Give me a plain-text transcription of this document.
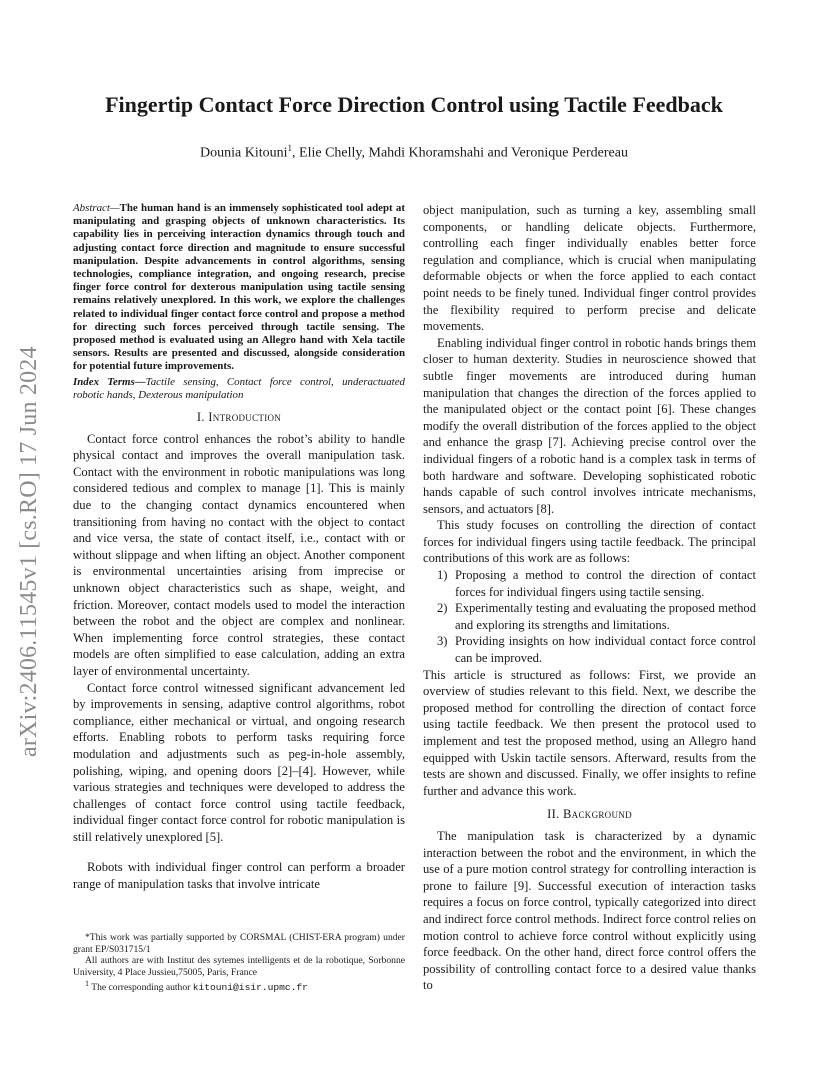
arXiv:2406.11545v1 [cs.RO] 17 Jun 2024
Fingertip Contact Force Direction Control using Tactile Feedback

Dounia Kitouni$^1$, Elie Chelly, Mahdi Khoramshahi and Veronique Perdereau

Abstract—The human hand is an immensely sophisticated tool adept at manipulating and grasping objects of unknown characteristics. Its capability lies in perceiving interaction dynamics through touch and adjusting contact force direction and magnitude to ensure successful manipulation. Despite advancements in control algorithms, sensing technologies, compliance integration, and ongoing research, precise finger force control for dexterous manipulation using tactile sensing remains relatively unexplored. In this work, we explore the challenges related to individual finger contact force control and propose a method for directing such forces perceived through tactile sensing. The proposed method is evaluated using an Allegro hand with Xela tactile sensors. Results are presented and discussed, alongside consideration for potential future improvements.

Index Terms—Tactile sensing, Contact force control, underactuated robotic hands, Dexterous manipulation

I. Introduction

Contact force control enhances the robot’s ability to handle physical contact and improves the overall manipulation task. Contact with the environment in robotic manipulations was long considered tedious and complex to manage [1]. This is mainly due to the changing contact dynamics encountered when transitioning from having no contact with the object to contact and vice versa, the state of contact itself, i.e., contact with or without slippage and when lifting an object. Another component is environmental uncertainties arising from imprecise or unknown object characteristics such as shape, weight, and friction. Moreover, contact models used to model the interaction between the robot and the object are complex and nonlinear. When implementing force control strategies, these contact models are often simplified to ease calculation, adding an extra layer of environmental uncertainty.

Contact force control witnessed significant advancement led by improvements in sensing, adaptive control algorithms, robot compliance, either mechanical or virtual, and ongoing research efforts. Enabling robots to perform tasks requiring force modulation and adjustments such as peg-in-hole assembly, polishing, wiping, and opening doors [2]–[4]. However, while various strategies and techniques were developed to address the challenges of contact force control using tactile feedback, individual finger contact force control for robotic manipulation is still relatively unexplored [5].

Robots with individual finger control can perform a broader range of manipulation tasks that involve intricate

*This work was partially supported by CORSMAL (CHIST-ERA program) under grant EP/S031715/1

All authors are with Institut des sytemes intelligents et de la robotique, Sorbonne University, 4 Place Jussieu,75005, Paris, France

$^1$ The corresponding author kitouni@isir.upmc.fr

object manipulation, such as turning a key, assembling small components, or handling delicate objects. Furthermore, controlling each finger individually enables better force regulation and compliance, which is crucial when manipulating deformable objects or when the force applied to each contact point needs to be finely tuned. Individual finger control provides the flexibility required to perform precise and delicate movements.

Enabling individual finger control in robotic hands brings them closer to human dexterity. Studies in neuroscience showed that subtle finger movements are introduced during human manipulation that changes the direction of the forces applied to the manipulated object or the contact point [6]. These changes modify the overall distribution of the forces applied to the object and enhance the grasp [7]. Achieving precise control over the individual fingers of a robotic hand is a complex task in terms of both hardware and software. Developing sophisticated robotic hands capable of such control involves intricate mechanisms, sensors, and actuators [8].

This study focuses on controlling the direction of contact forces for individual fingers using tactile feedback. The principal contributions of this work are as follows:

1) Proposing a method to control the direction of contact forces for individual fingers using tactile sensing.
2) Experimentally testing and evaluating the proposed method and exploring its strengths and limitations.
3) Providing insights on how individual contact force control can be improved.

This article is structured as follows: First, we provide an overview of studies relevant to this field. Next, we describe the proposed method for controlling the direction of contact force using tactile feedback. We then present the protocol used to implement and test the proposed method, using an Allegro hand equipped with Uskin tactile sensors. Afterward, results from the tests are shown and discussed. Finally, we offer insights to refine further and advance this work.

II. Background

The manipulation task is characterized by a dynamic interaction between the robot and the environment, in which the use of a pure motion control strategy for controlling interaction is prone to failure [9]. Successful execution of interaction tasks requires a focus on force control, typically categorized into direct and indirect force control methods. Indirect force control relies on motion control to achieve force control without explicitly using force feedback. On the other hand, direct force control offers the possibility of controlling contact force to a desired value thanks to
